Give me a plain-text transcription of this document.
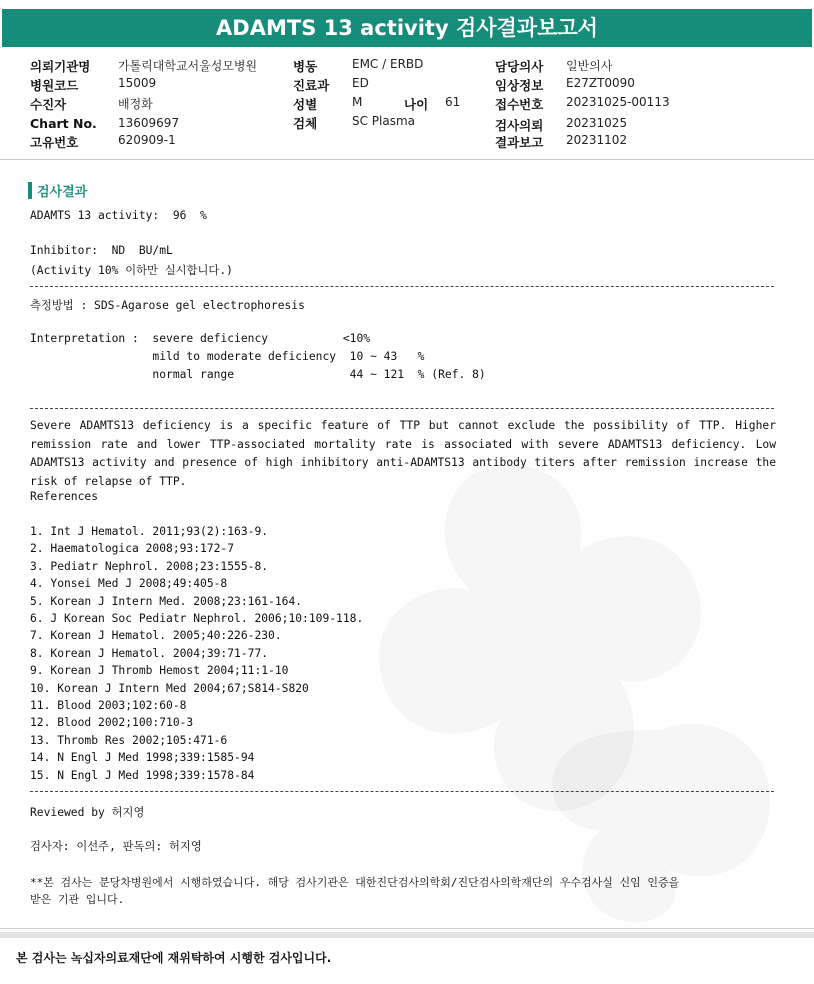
ADAMTS 13 activity 검사결과보고서
의뢰기관명 가톨릭대학교서울성모병원
병원코드	15009
수진자	배정화
Chart No. 13609697
고유번호	620909-1
병동	EMC / ERBD
진료과 ED
성별	M	나이 61
검체	SC Plasma
담당의사 일반의사
임상정보 E27ZT0090
접수번호 20231025-00113
검사의뢰 20231025
결과보고 20231102
검사결과
ADAMTS 13 activity:  96  %
Inhibitor:  ND  BU/mL
(Activity 10% 이하만 실시합니다.)
측정방법 : SDS-Agarose gel electrophoresis
Interpretation :  severe deficiency           <10%
mild to moderate deficiency  10 ~ 43   %
normal range                 44 ~ 121  % (Ref. 8)
Severe ADAMTS13 deficiency is a specific feature of TTP but cannot exclude the possibility of TTP. Higher remission rate and lower TTP-associated mortality rate is associated with severe ADAMTS13 deficiency. Low ADAMTS13 activity and presence of high inhibitory anti-ADAMTS13 antibody titers after remission increase the risk of relapse of TTP.
References
1. Int J Hematol. 2011;93(2):163-9.
2. Haematologica 2008;93:172-7
3. Pediatr Nephrol. 2008;23:1555-8.
4. Yonsei Med J 2008;49:405-8
5. Korean J Intern Med. 2008;23:161-164.
6. J Korean Soc Pediatr Nephrol. 2006;10:109-118.
7. Korean J Hematol. 2005;40:226-230.
8. Korean J Hematol. 2004;39:71-77.
9. Korean J Thromb Hemost 2004;11:1-10
10. Korean J Intern Med 2004;67;S814-S820
11. Blood 2003;102:60-8
12. Blood 2002;100:710-3
13. Thromb Res 2002;105:471-6
14. N Engl J Med 1998;339:1585-94
15. N Engl J Med 1998;339:1578-84
Reviewed by 허지영
검사자: 이선주, 판독의: 허지영
**본 검사는 분당차병원에서 시행하였습니다. 해당 검사기관은 대한진단검사의학회/진단검사의학재단의 우수검사실 신임 인증을
받은 기관 입니다.
본 검사는 녹십자의료재단에 재위탁하여 시행한 검사입니다.
